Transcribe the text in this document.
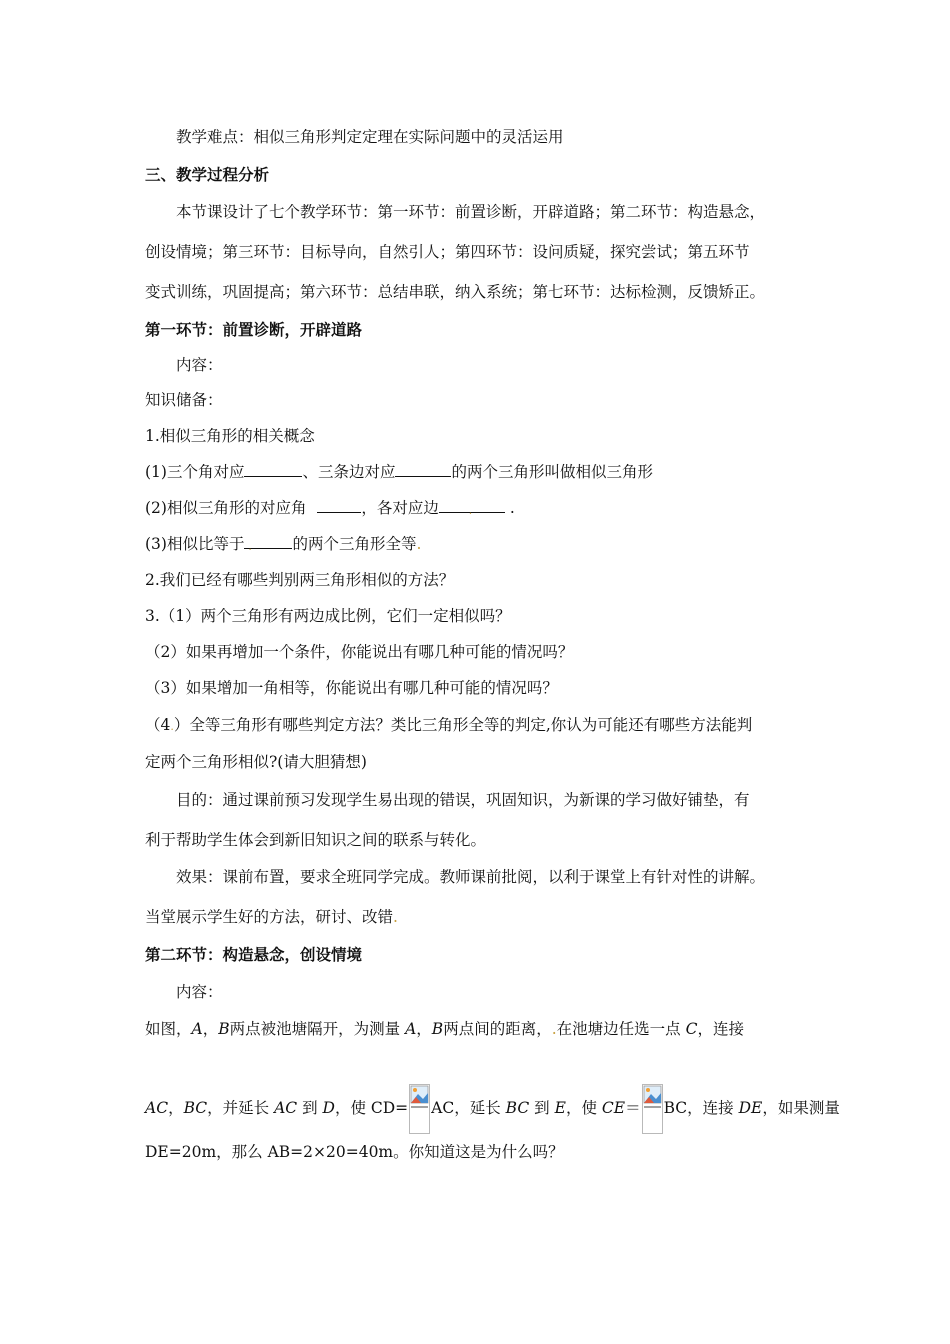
教学难点：相似三角形判定定理在实际问题中的灵活运用
三、教学过程分析
本节课设计了七个教学环节：第一环节：前置诊断，开辟道路；第二环节：构造悬念，
创设情境；第三环节：目标导向，自然引人；第四环节：设问质疑，探究尝试；第五环节
变式训练，巩固提高；第六环节：总结串联，纳入系统；第七环节：达标检测，反馈矫正。
第一环节：前置诊断，开辟道路
内容：
知识储备：
1.相似三角形的相关概念
(1)三个角对应	、三条边对应	的两个三角形叫做相似三角形
(2)相似三角形的对应角	，各对应边	. .
(3)相似比等于 .	的两个三角形全等.
2.我们已经有哪些判别两三角形相似的方法？
3.（1）两个三角形有两边成比例，它们一定相似吗？
（2）如果再增加一个条件，你能说出有哪几种可能的情况吗？
（3）如果增加一角相等，你能说出有哪几种可能的情况吗？
（4.）全等三角形有哪些判定方法？类比三角形全等的判定,你认为可能还有哪些方法能判
定两个三角形相似?(请大胆猜想)
目的：通过课前预习发现学生易出现的错误，巩固知识，为新课的学习做好铺垫，有
利于帮助学生体会到新旧知识之间的联系与转化。
效果：课前布置，要求全班同学完成。教师课前批阅，以利于课堂上有针对性的讲解。
当堂展示学生好的方法，研讨、改错.
第二环节：构造悬念，创设情境
内容：
如图，A，B两点被池塘隔开，为测量 A，B两点间的距离，.在池塘边任选一点 C，连接
AC，BC，并延长 AC 到 D，使 CD= AC，延长 BC 到 E，使 CE＝ BC，连接 DE，如果测量
DE=20m，那么 AB=2×20=40m。你知道这是为什么吗？
